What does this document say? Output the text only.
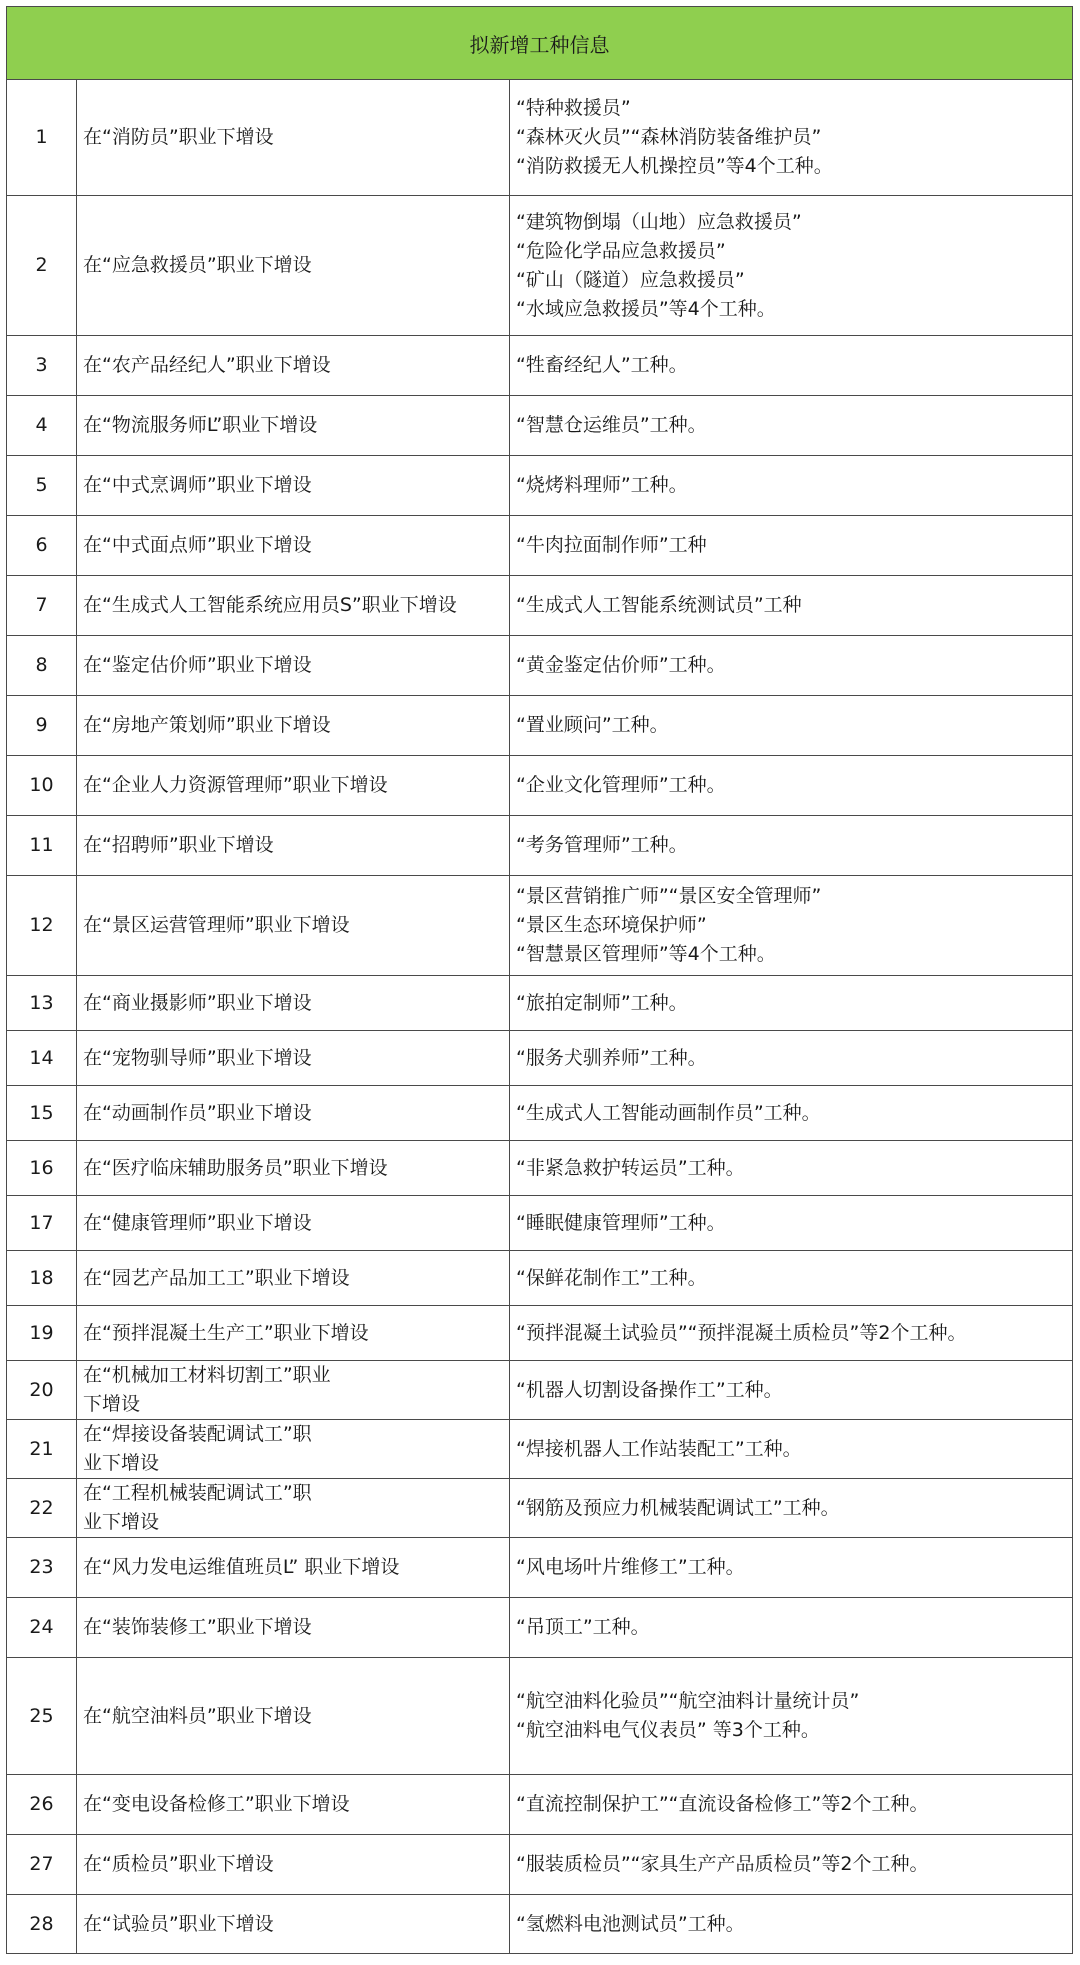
拟新增工种信息		
1	在“消防员”职业下增设	“特种救援员”
“森林灭火员”“森林消防装备维护员”
“消防救援无人机操控员”等4个工种。

2	在“应急救援员”职业下增设	“建筑物倒塌（山地）应急救援员”
“危险化学品应急救援员”
“矿山（隧道）应急救援员”
“水域应急救援员”等4个工种。

3	在“农产品经纪人”职业下增设	“牲畜经纪人”工种。

4	在“物流服务师L”职业下增设	“智慧仓运维员”工种。

5	在“中式烹调师”职业下增设	“烧烤料理师”工种。

6	在“中式面点师”职业下增设	“牛肉拉面制作师”工种

7	在“生成式人工智能系统应用员S”职业下增设	“生成式人工智能系统测试员”工种

8	在“鉴定估价师”职业下增设	“黄金鉴定估价师”工种。

9	在“房地产策划师”职业下增设	“置业顾问”工种。

10	在“企业人力资源管理师”职业下增设	“企业文化管理师”工种。

11	在“招聘师”职业下增设	“考务管理师”工种。

12	在“景区运营管理师”职业下增设	“景区营销推广师”“景区安全管理师”
“景区生态环境保护师”
“智慧景区管理师”等4个工种。

13	在“商业摄影师”职业下增设	“旅拍定制师”工种。

14	在“宠物驯导师”职业下增设	“服务犬驯养师”工种。

15	在“动画制作员”职业下增设	“生成式人工智能动画制作员”工种。

16	在“医疗临床辅助服务员”职业下增设	“非紧急救护转运员”工种。

17	在“健康管理师”职业下增设	“睡眠健康管理师”工种。

18	在“园艺产品加工工”职业下增设	“保鲜花制作工”工种。

19	在“预拌混凝土生产工”职业下增设	“预拌混凝土试验员”“预拌混凝土质检员”等2个工种。

20	在“机械加工材料切割工”职业
下增设	“机器人切割设备操作工”工种。

21	在“焊接设备装配调试工”职
业下增设	“焊接机器人工作站装配工”工种。

22	在“工程机械装配调试工”职
业下增设	“钢筋及预应力机械装配调试工”工种。

23	在“风力发电运维值班员L” 职业下增设	“风电场叶片维修工”工种。

24	在“装饰装修工”职业下增设	“吊顶工”工种。

25	在“航空油料员”职业下增设	“航空油料化验员”“航空油料计量统计员”
“航空油料电气仪表员” 等3个工种。

26	在“变电设备检修工”职业下增设	“直流控制保护工”“直流设备检修工”等2个工种。

27	在“质检员”职业下增设	“服装质检员”“家具生产产品质检员”等2个工种。

28	在“试验员”职业下增设	“氢燃料电池测试员”工种。
